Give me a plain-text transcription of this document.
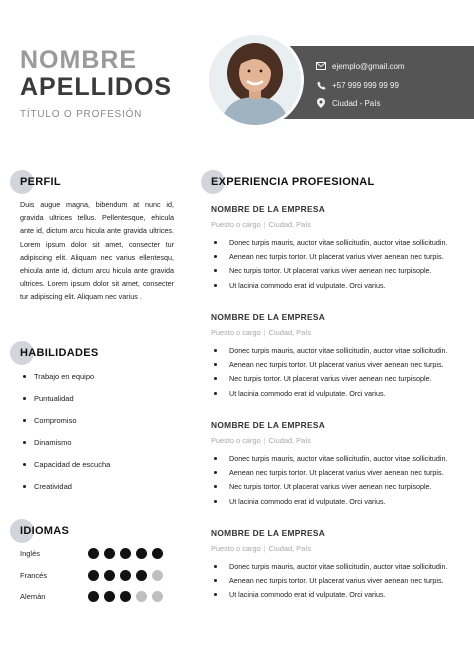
NOMBRE
APELLIDOS
TÍTULO O PROFESIÓN
ejemplo@gmail.com
+57 999 999 99 99
Ciudad - País
PERFIL
Duis augue magna, bibendum at nunc id, gravida ultrices tellus. Pellentesque, ehicula ante id, dictum arcu hicula ante gravida ultrices. Lorem ipsum dolor sit amet, consecter tur adipiscing elit. Aliquam nec varius ellentesqu, ehicula ante id, dictum arcu hicula ante gravida ultrices. Lorem ipsum dolor sit amet, consecter tur adipiscing elit. Aliquam nec varius .
HABILIDADES
Trabajo en equipo
Puntualidad
Compromiso
Dinamismo
Capacidad de escucha
Creatividad
IDIOMAS
Inglés
Francés
Alemán
EXPERIENCIA PROFESIONAL
NOMBRE DE LA EMPRESA
Puesto o cargo | Ciudad, País
Donec turpis mauris, auctor vitae sollicitudin, auctor vitae sollicitudin.
Aenean nec turpis tortor. Ut placerat varius viver aenean nec turpis.
Nec turpis tortor. Ut placerat varius viver aenean nec turpisople.
Ut lacinia commodo erat id vulputate. Orci varius.
NOMBRE DE LA EMPRESA
Puesto o cargo | Ciudad, País
Donec turpis mauris, auctor vitae sollicitudin, auctor vitae sollicitudin.
Aenean nec turpis tortor. Ut placerat varius viver aenean nec turpis.
Nec turpis tortor. Ut placerat varius viver aenean nec turpisople.
Ut lacinia commodo erat id vulputate. Orci varius.
NOMBRE DE LA EMPRESA
Puesto o cargo | Ciudad, País
Donec turpis mauris, auctor vitae sollicitudin, auctor vitae sollicitudin.
Aenean nec turpis tortor. Ut placerat varius viver aenean nec turpis.
Nec turpis tortor. Ut placerat varius viver aenean nec turpisople.
Ut lacinia commodo erat id vulputate. Orci varius.
NOMBRE DE LA EMPRESA
Puesto o cargo | Ciudad, País
Donec turpis mauris, auctor vitae sollicitudin, auctor vitae sollicitudin.
Aenean nec turpis tortor. Ut placerat varius viver aenean nec turpis.
Ut lacinia commodo erat id vulputate. Orci varius.
